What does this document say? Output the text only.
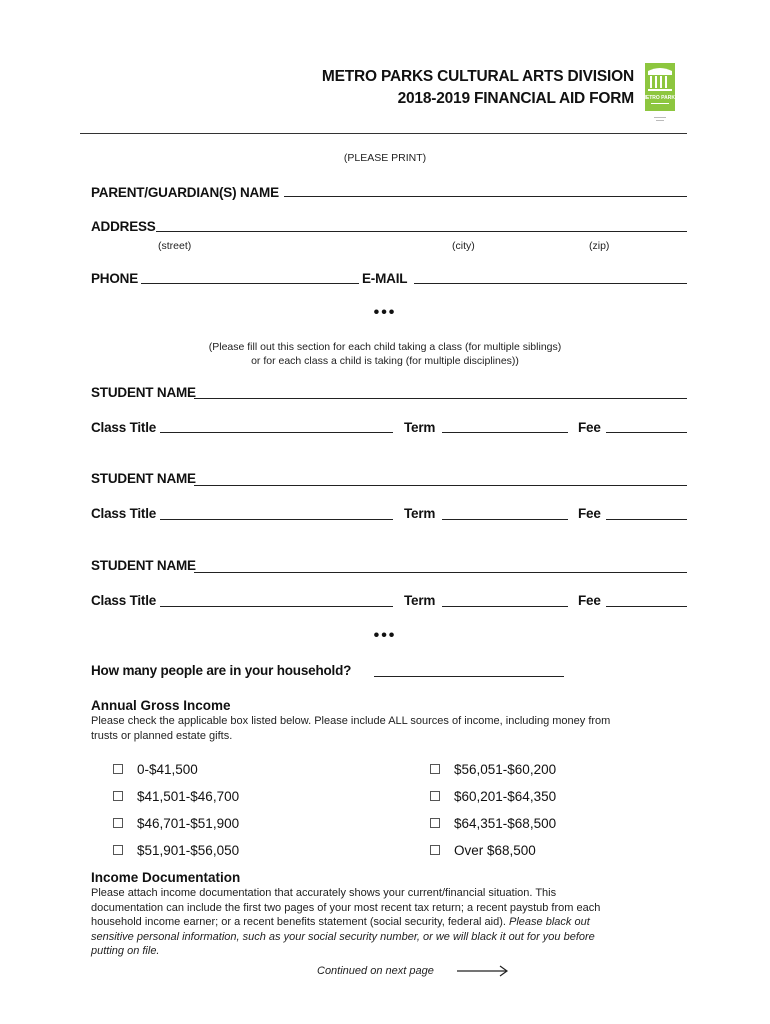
METRO PARKS CULTURAL ARTS DIVISION
2018-2019 FINANCIAL AID FORM METRO PARKS
(PLEASE PRINT)
PARENT/GUARDIAN(S) NAME
ADDRESS
(street)	(city)	(zip)
PHONE	E-MAIL
•••
(Please fill out this section for each child taking a class (for multiple siblings)
or for each class a child is taking (for multiple disciplines))
STUDENT NAME
Class Title	Term	Fee
STUDENT NAME
Class Title	Term	Fee
STUDENT NAME
Class Title	Term	Fee
•••
How many people are in your household?
Annual Gross Income
Please check the applicable box listed below. Please include ALL sources of income, including money from
trusts or planned estate gifts.
0-$41,500
$41,501-$46,700
$46,701-$51,900
$51,901-$56,050
$56,051-$60,200
$60,201-$64,350
$64,351-$68,500
Over $68,500
Income Documentation
Please attach income documentation that accurately shows your current/financial situation. This
documentation can include the first two pages of your most recent tax return; a recent paystub from each
household income earner; or a recent benefits statement (social security, federal aid). Please black out
sensitive personal information, such as your social security number, or we will black it out for you before
putting on file.
Continued on next page
